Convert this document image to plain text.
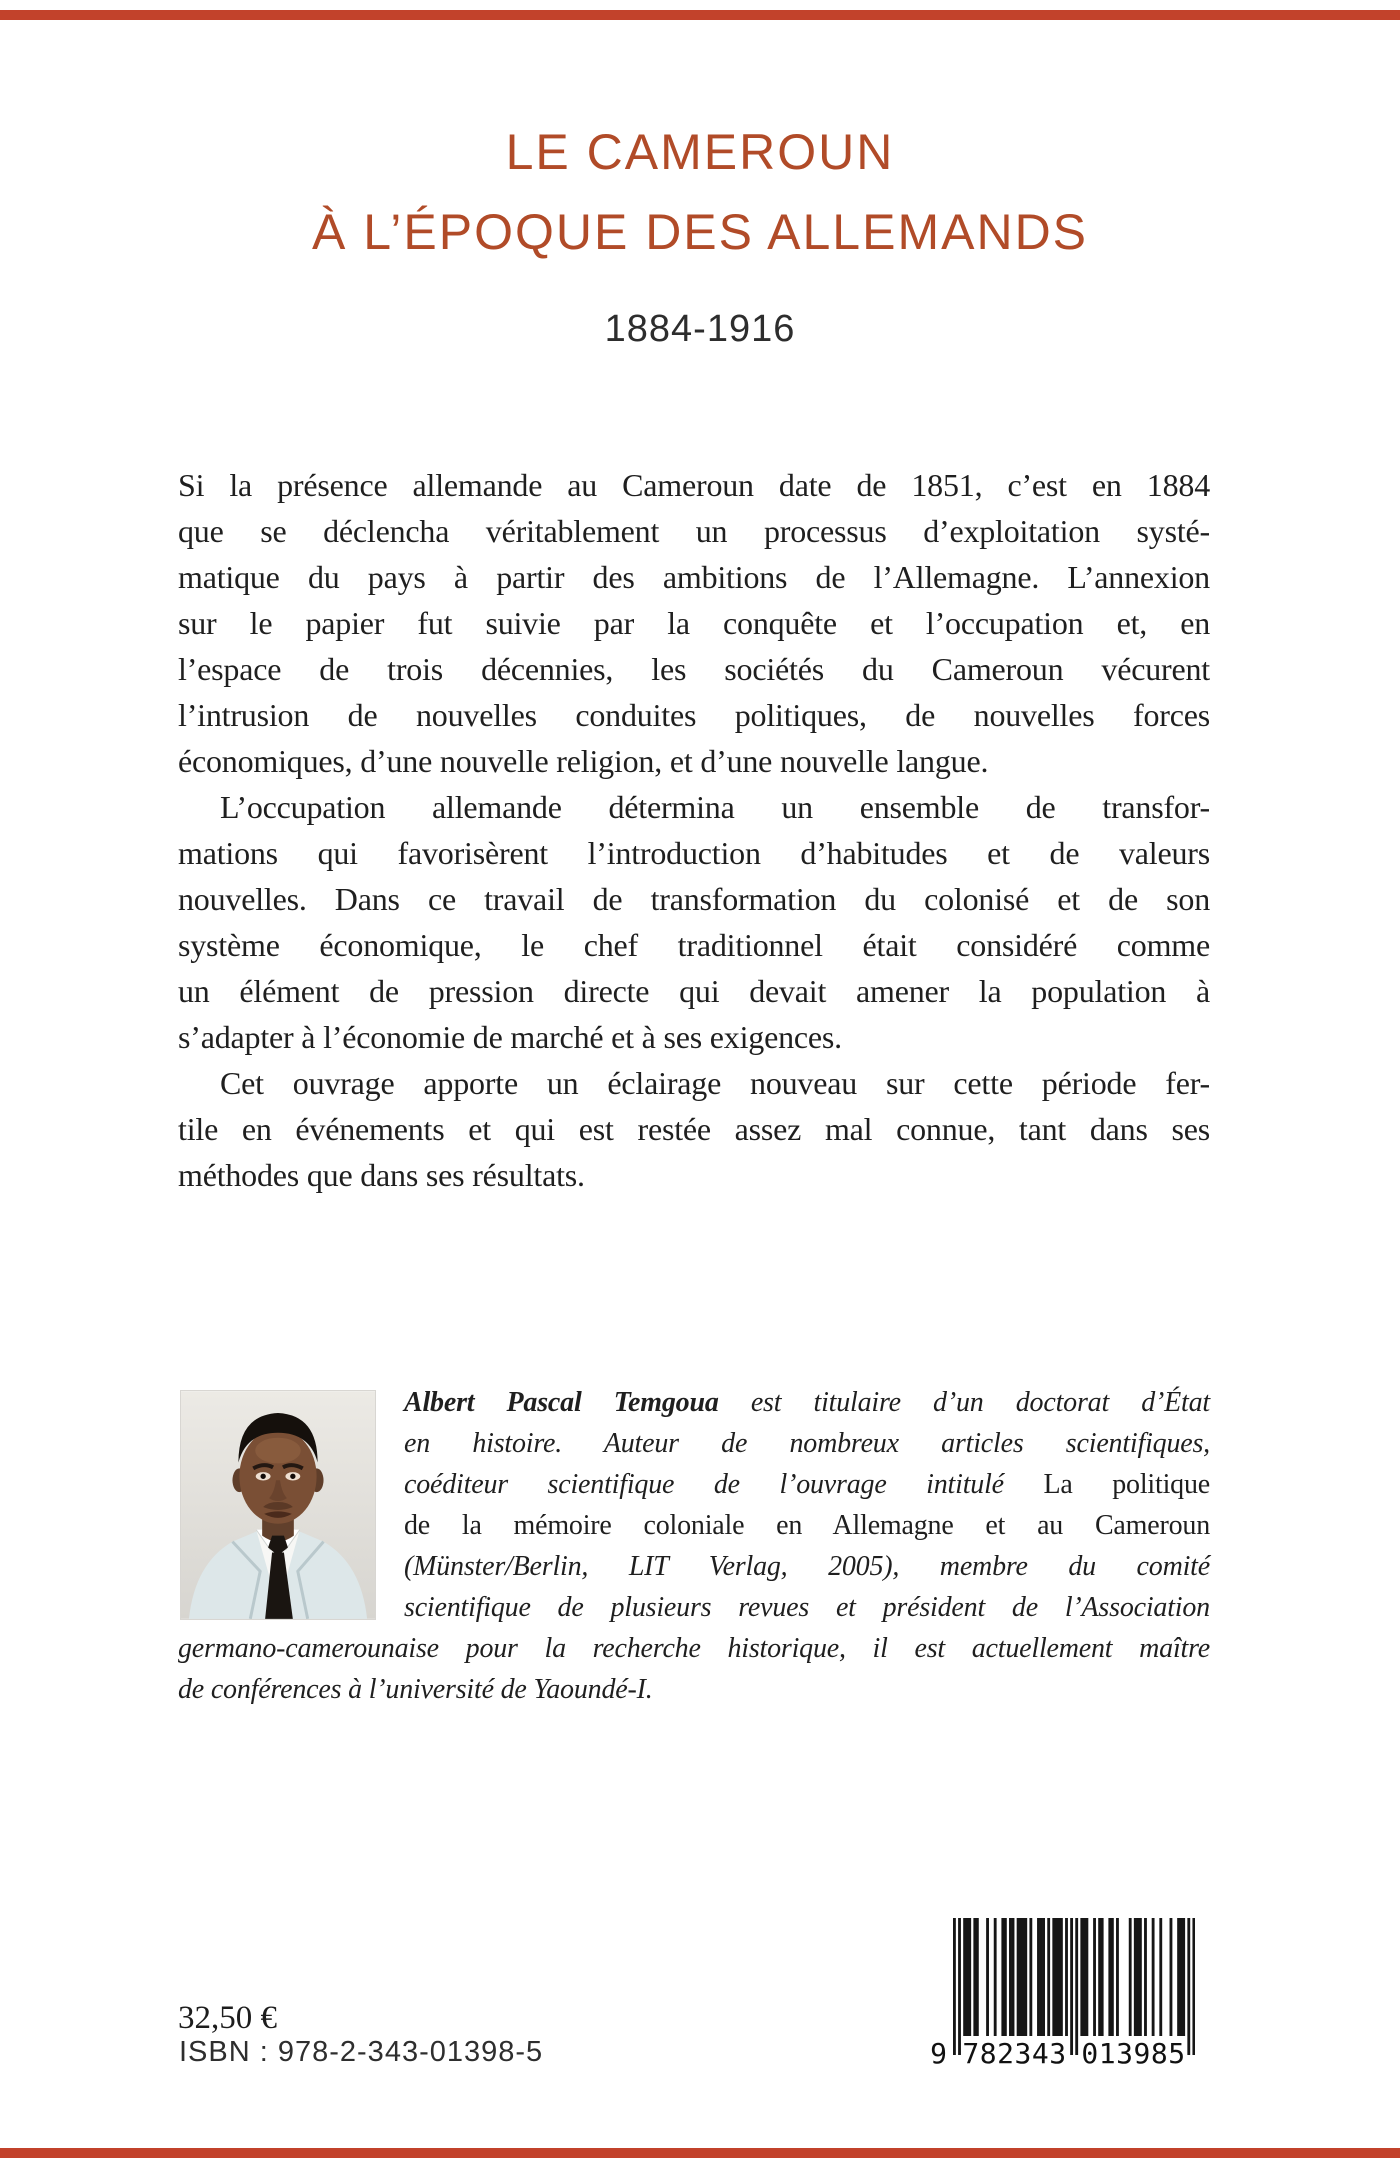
LE CAMEROUN
À L’ÉPOQUE DES ALLEMANDS
1884-1916
Si la présence allemande au Cameroun date de 1851, c’est en 1884
que se déclencha véritablement un processus d’exploitation systé-
matique du pays à partir des ambitions de l’Allemagne. L’annexion
sur le papier fut suivie par la conquête et l’occupation et, en
l’espace de trois décennies, les sociétés du Cameroun vécurent
l’intrusion de nouvelles conduites politiques, de nouvelles forces
économiques, d’une nouvelle religion, et d’une nouvelle langue.
L’occupation allemande détermina un ensemble de transfor-
mations qui favorisèrent l’introduction d’habitudes et de valeurs
nouvelles. Dans ce travail de transformation du colonisé et de son
système économique, le chef traditionnel était considéré comme
un élément de pression directe qui devait amener la population à
s’adapter à l’économie de marché et à ses exigences.
Cet ouvrage apporte un éclairage nouveau sur cette période fer-
tile en événements et qui est restée assez mal connue, tant dans ses
méthodes que dans ses résultats.
Albert Pascal Temgoua est titulaire d’un doctorat d’État
en histoire. Auteur de nombreux articles scientifiques,
coéditeur scientifique de l’ouvrage intitulé La politique
de la mémoire coloniale en Allemagne et au Cameroun
(Münster/Berlin, LIT Verlag, 2005), membre du comité
scientifique de plusieurs revues et président de l’Association
germano-camerounaise pour la recherche historique, il est actuellement maître
de conférences à l’université de Yaoundé-I.
32,50 €
ISBN : 978-2-343-01398-5	9 782343 013985
